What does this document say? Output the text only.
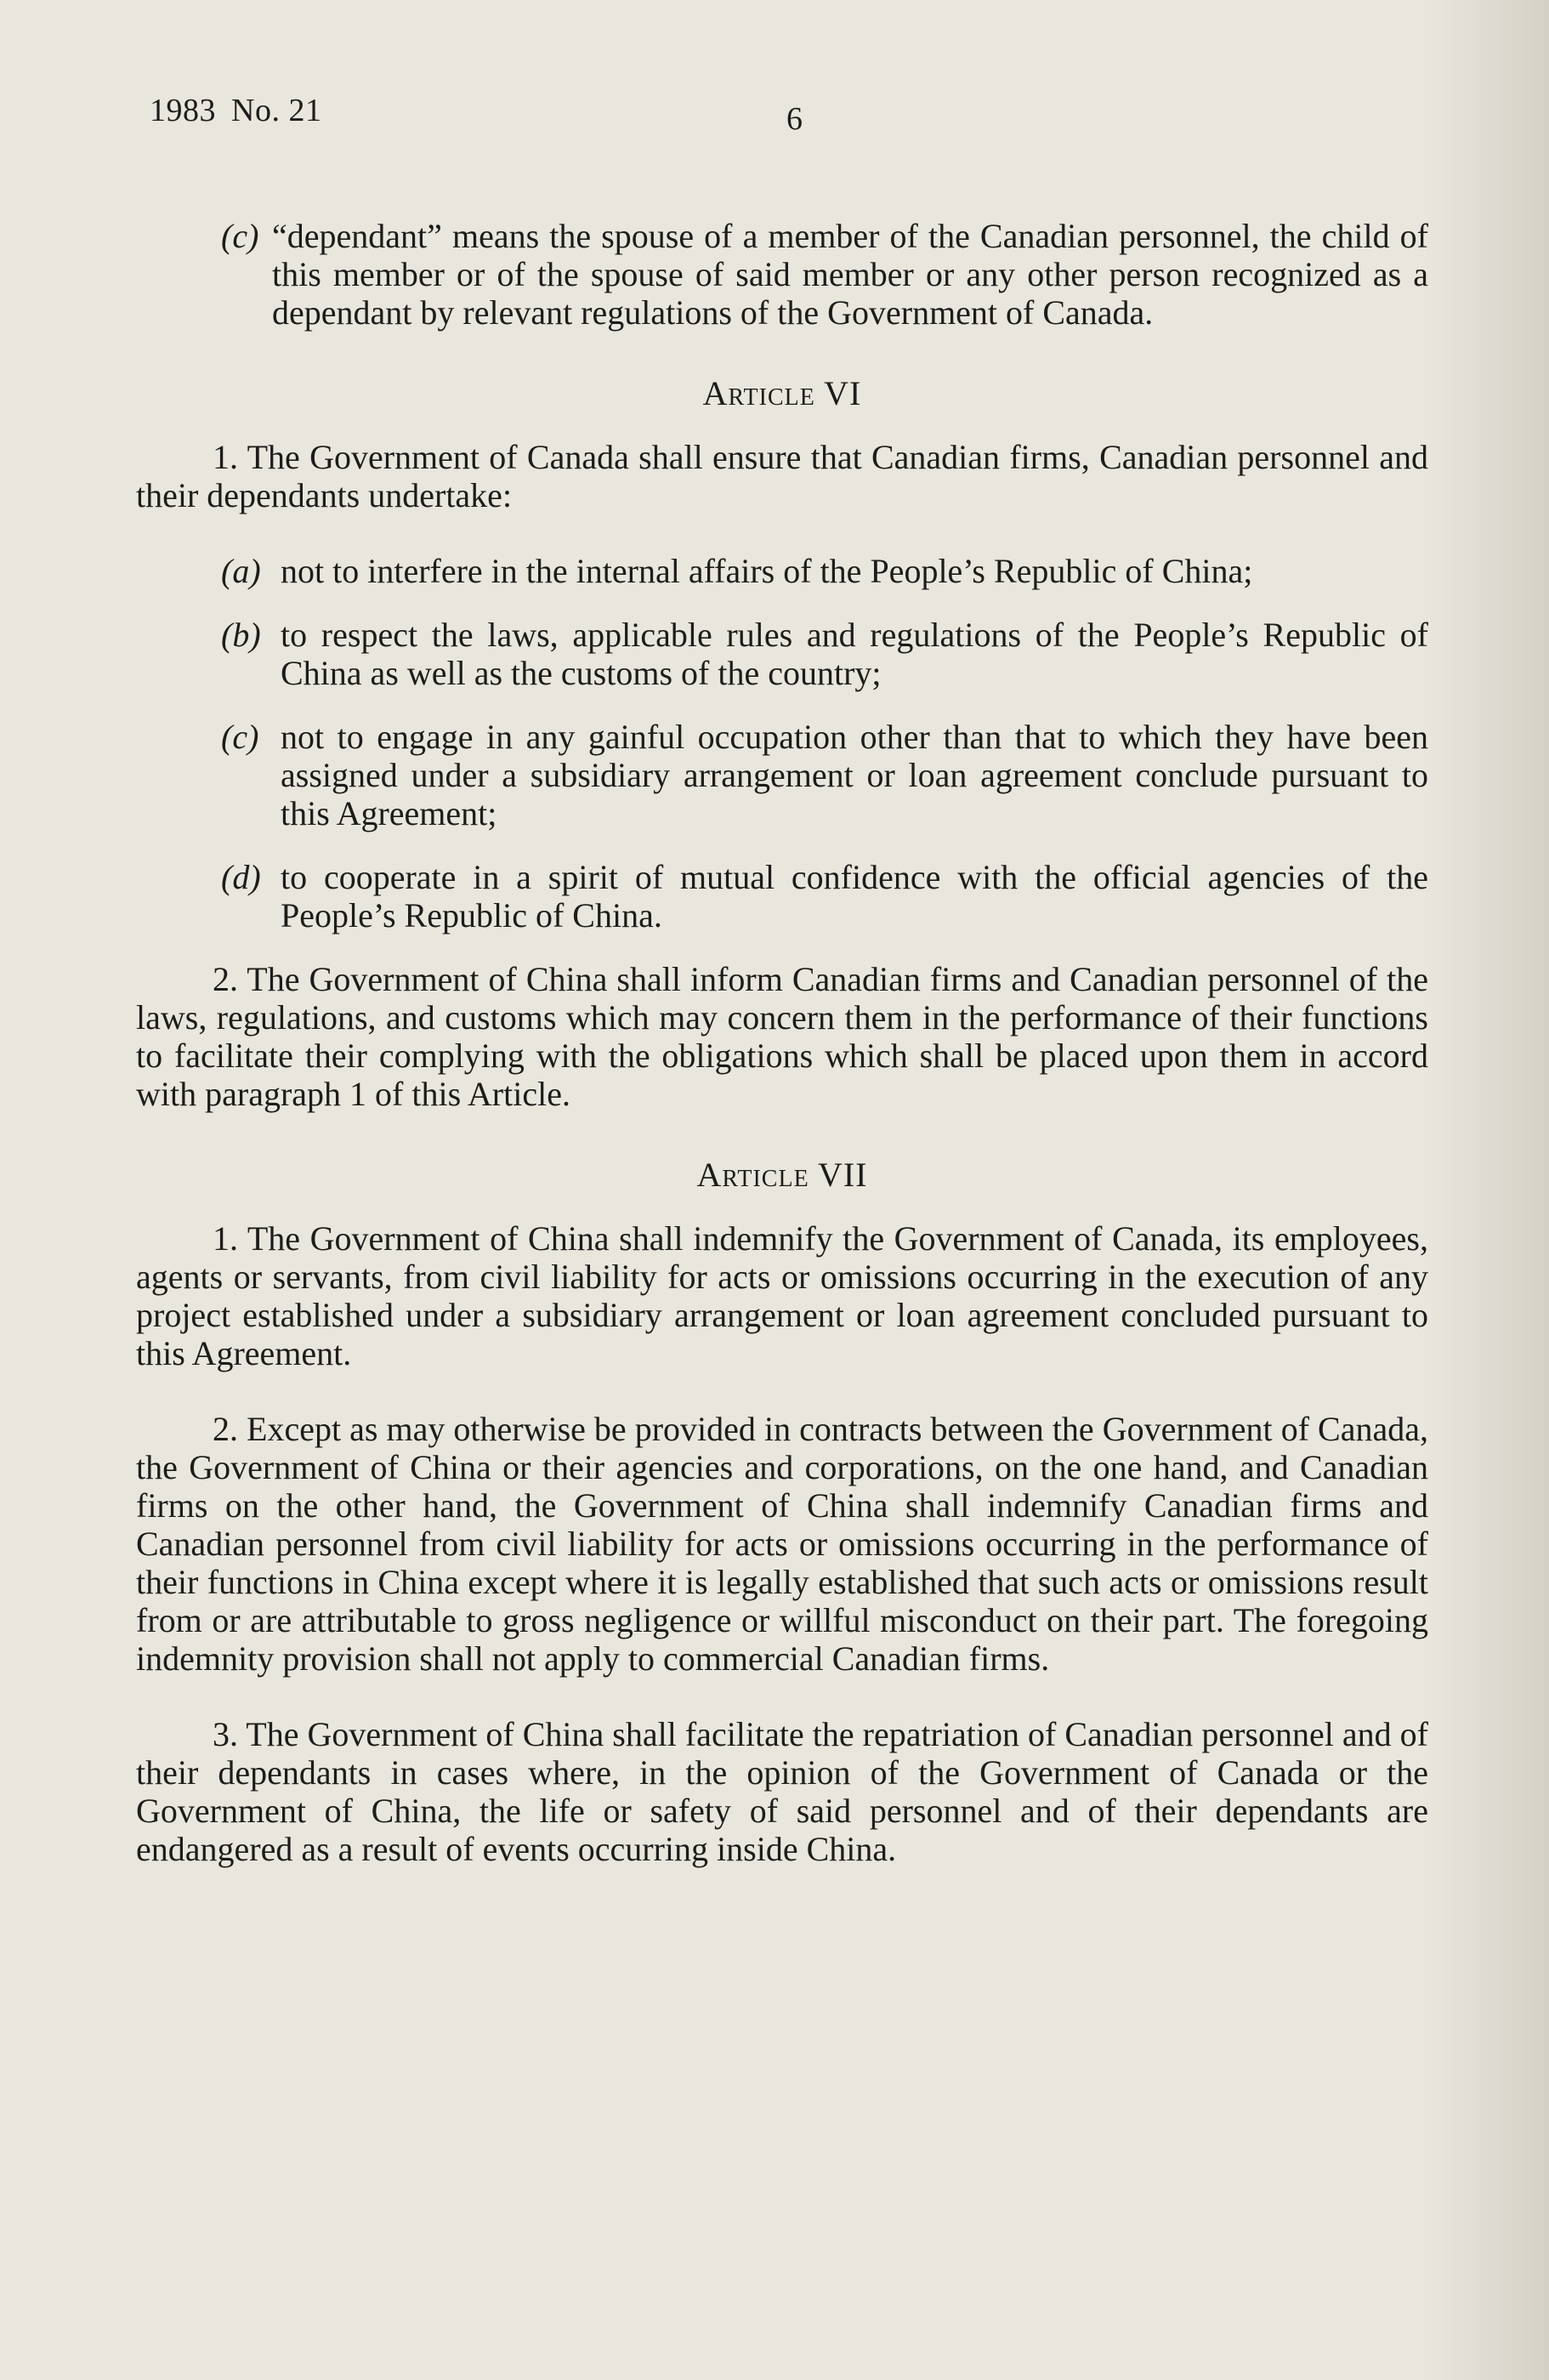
1983 No. 21	6
(c) “dependant” means the spouse of a member of the Canadian personnel, the child of this member or of the spouse of said member or any other person recognized as a dependant by relevant regulations of the Government of Canada.
Article VI
1. The Government of Canada shall ensure that Canadian firms, Canadian personnel and their dependants undertake:
(a) not to interfere in the internal affairs of the People’s Republic of China;
(b) to respect the laws, applicable rules and regulations of the People’s Republic of China as well as the customs of the country;
(c) not to engage in any gainful occupation other than that to which they have been assigned under a subsidiary arrangement or loan agreement conclude pursuant to this Agreement;
(d) to cooperate in a spirit of mutual confidence with the official agencies of the People’s Republic of China.
2. The Government of China shall inform Canadian firms and Canadian personnel of the laws, regulations, and customs which may concern them in the performance of their functions to facilitate their complying with the obligations which shall be placed upon them in accord with paragraph 1 of this Article.
Article VII
1. The Government of China shall indemnify the Government of Canada, its employees, agents or servants, from civil liability for acts or omissions occurring in the execution of any project established under a subsidiary arrangement or loan agreement concluded pursuant to this Agreement.
2. Except as may otherwise be provided in contracts between the Government of Canada, the Government of China or their agencies and corporations, on the one hand, and Canadian firms on the other hand, the Government of China shall indemnify Canadian firms and Canadian personnel from civil liability for acts or omissions occurring in the performance of their functions in China except where it is legally established that such acts or omissions result from or are attributable to gross negligence or willful misconduct on their part. The foregoing indemnity provision shall not apply to commercial Canadian firms.
3. The Government of China shall facilitate the repatriation of Canadian personnel and of their dependants in cases where, in the opinion of the Government of Canada or the Government of China, the life or safety of said personnel and of their dependants are endangered as a result of events occurring inside China.
